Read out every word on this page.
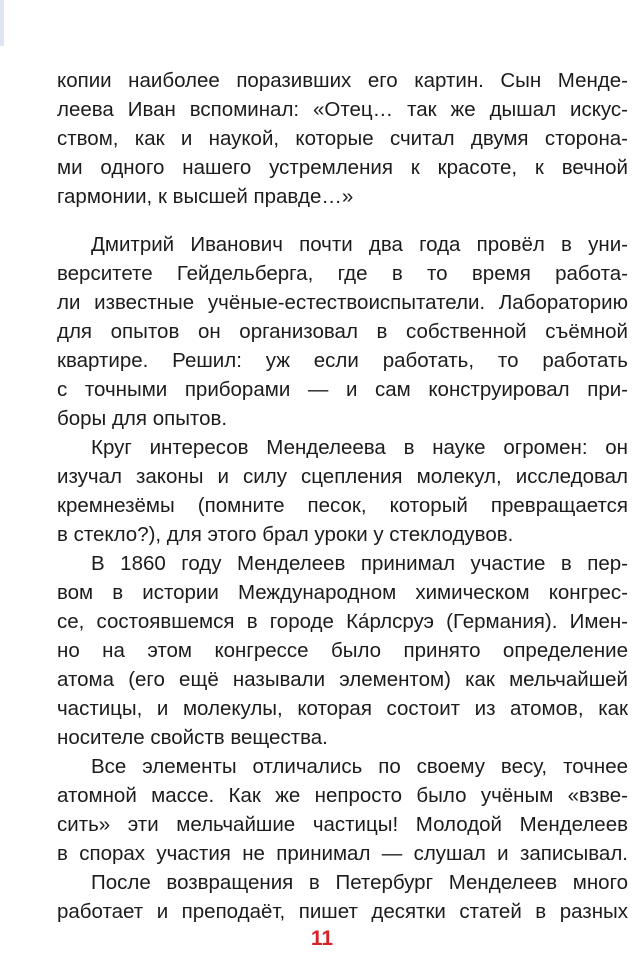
копии наиболее поразивших его картин. Сын Менде-
леева Иван вспоминал: «Отец… так же дышал искус-
ством, как и наукой, которые считал двумя сторона-
ми одного нашего устремления к красоте, к вечной
гармонии, к высшей правде…»
Дмитрий Иванович почти два года провёл в уни-
верситете Гейдельберга, где в то время работа-
ли известные учёные-естествоиспытатели. Лабораторию
для опытов он организовал в собственной съёмной
квартире. Решил: уж если работать, то работать
с точными приборами — и сам конструировал при-
боры для опытов.
Круг интересов Менделеева в науке огромен: он
изучал законы и силу сцепления молекул, исследовал
кремнезёмы (помните песок, который превращается
в стекло?), для этого брал уроки у стеклодувов.
В 1860 году Менделеев принимал участие в пер-
вом в истории Международном химическом конгрес-
се, состоявшемся в городе Ка́рлсруэ (Германия). Имен-
но на этом конгрессе было принято определение
атома (его ещё называли элементом) как мельчайшей
частицы, и молекулы, которая состоит из атомов, как
носителе свойств вещества.
Все элементы отличались по своему весу, точнее
атомной массе. Как же непросто было учёным «взве-
сить» эти мельчайшие частицы! Молодой Менделеев
в спорах участия не принимал — слушал и записывал.
После возвращения в Петербург Менделеев много
работает и преподаёт, пишет десятки статей в разных
11
